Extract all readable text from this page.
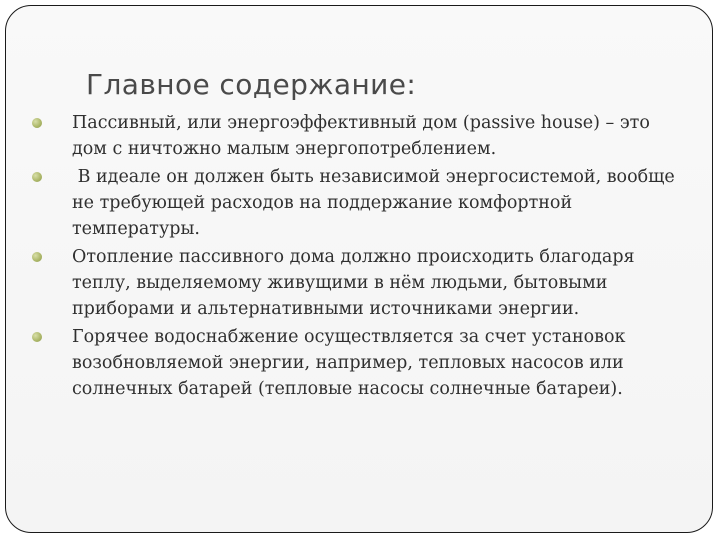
Главное содержание:
Пассивный, или энергоэффективный дом (passive house) – это дом с ничтожно малым энергопотреблением.
В идеале он должен быть независимой энергосистемой, вообще не требующей расходов на поддержание комфортной температуры.
Отопление пассивного дома должно происходить благодаря теплу, выделяемому живущими в нём людьми, бытовыми приборами и альтернативными источниками энергии.
Горячее водоснабжение осуществляется за счет установок возобновляемой энергии, например, тепловых насосов или солнечных батарей (тепловые насосы солнечные батареи).
